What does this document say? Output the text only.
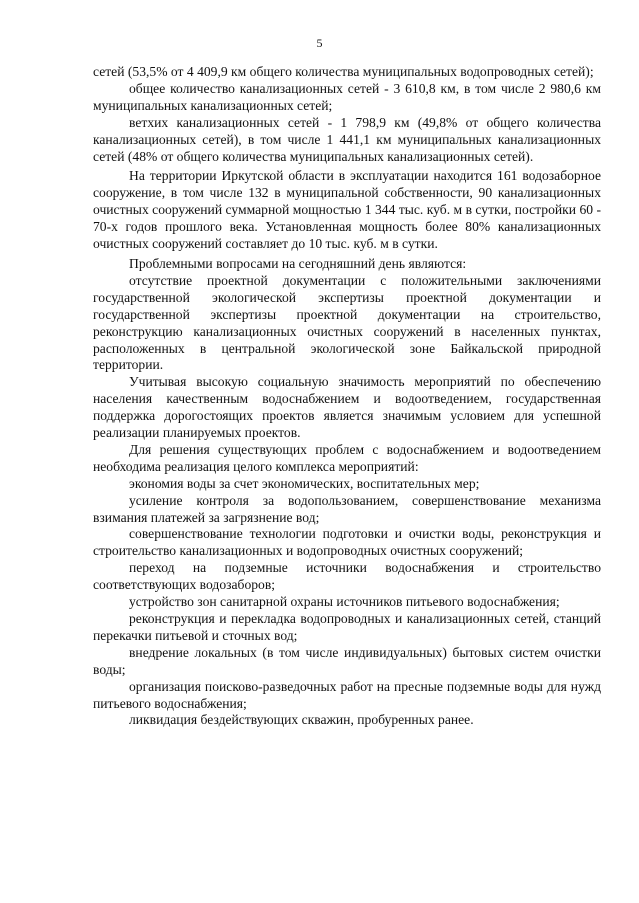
5

сетей (53,5% от 4 409,9 км общего количества муниципальных водопроводных сетей);

общее количество канализационных сетей - 3 610,8 км, в том числе 2 980,6 км муниципальных канализационных сетей;

ветхих канализационных сетей - 1 798,9 км (49,8% от общего количества канализационных сетей), в том числе 1 441,1 км муниципальных канализационных сетей (48% от общего количества муниципальных канализационных сетей).

На территории Иркутской области в эксплуатации находится 161 водозаборное сооружение, в том числе 132 в муниципальной собственности, 90 канализационных очистных сооружений суммарной мощностью 1 344 тыс. куб. м в сутки, постройки 60 - 70-х годов прошлого века. Установленная мощность более 80% канализационных очистных сооружений составляет до 10 тыс. куб. м в сутки.

Проблемными вопросами на сегодняшний день являются:

отсутствие проектной документации с положительными заключениями государственной экологической экспертизы проектной документации и государственной экспертизы проектной документации на строительство, реконструкцию канализационных очистных сооружений в населенных пунктах, расположенных в центральной экологической зоне Байкальской природной территории.

Учитывая высокую социальную значимость мероприятий по обеспечению населения качественным водоснабжением и водоотведением, государственная поддержка дорогостоящих проектов является значимым условием для успешной реализации планируемых проектов.

Для решения существующих проблем с водоснабжением и водоотведением необходима реализация целого комплекса мероприятий:

экономия воды за счет экономических, воспитательных мер;

усиление контроля за водопользованием, совершенствование механизма взимания платежей за загрязнение вод;

совершенствование технологии подготовки и очистки воды, реконструкция и строительство канализационных и водопроводных очистных сооружений;

переход на подземные источники водоснабжения и строительство соответствующих водозаборов;

устройство зон санитарной охраны источников питьевого водоснабжения;

реконструкция и перекладка водопроводных и канализационных сетей, станций перекачки питьевой и сточных вод;

внедрение локальных (в том числе индивидуальных) бытовых систем очистки воды;

организация поисково-разведочных работ на пресные подземные воды для нужд питьевого водоснабжения;

ликвидация бездействующих скважин, пробуренных ранее.
